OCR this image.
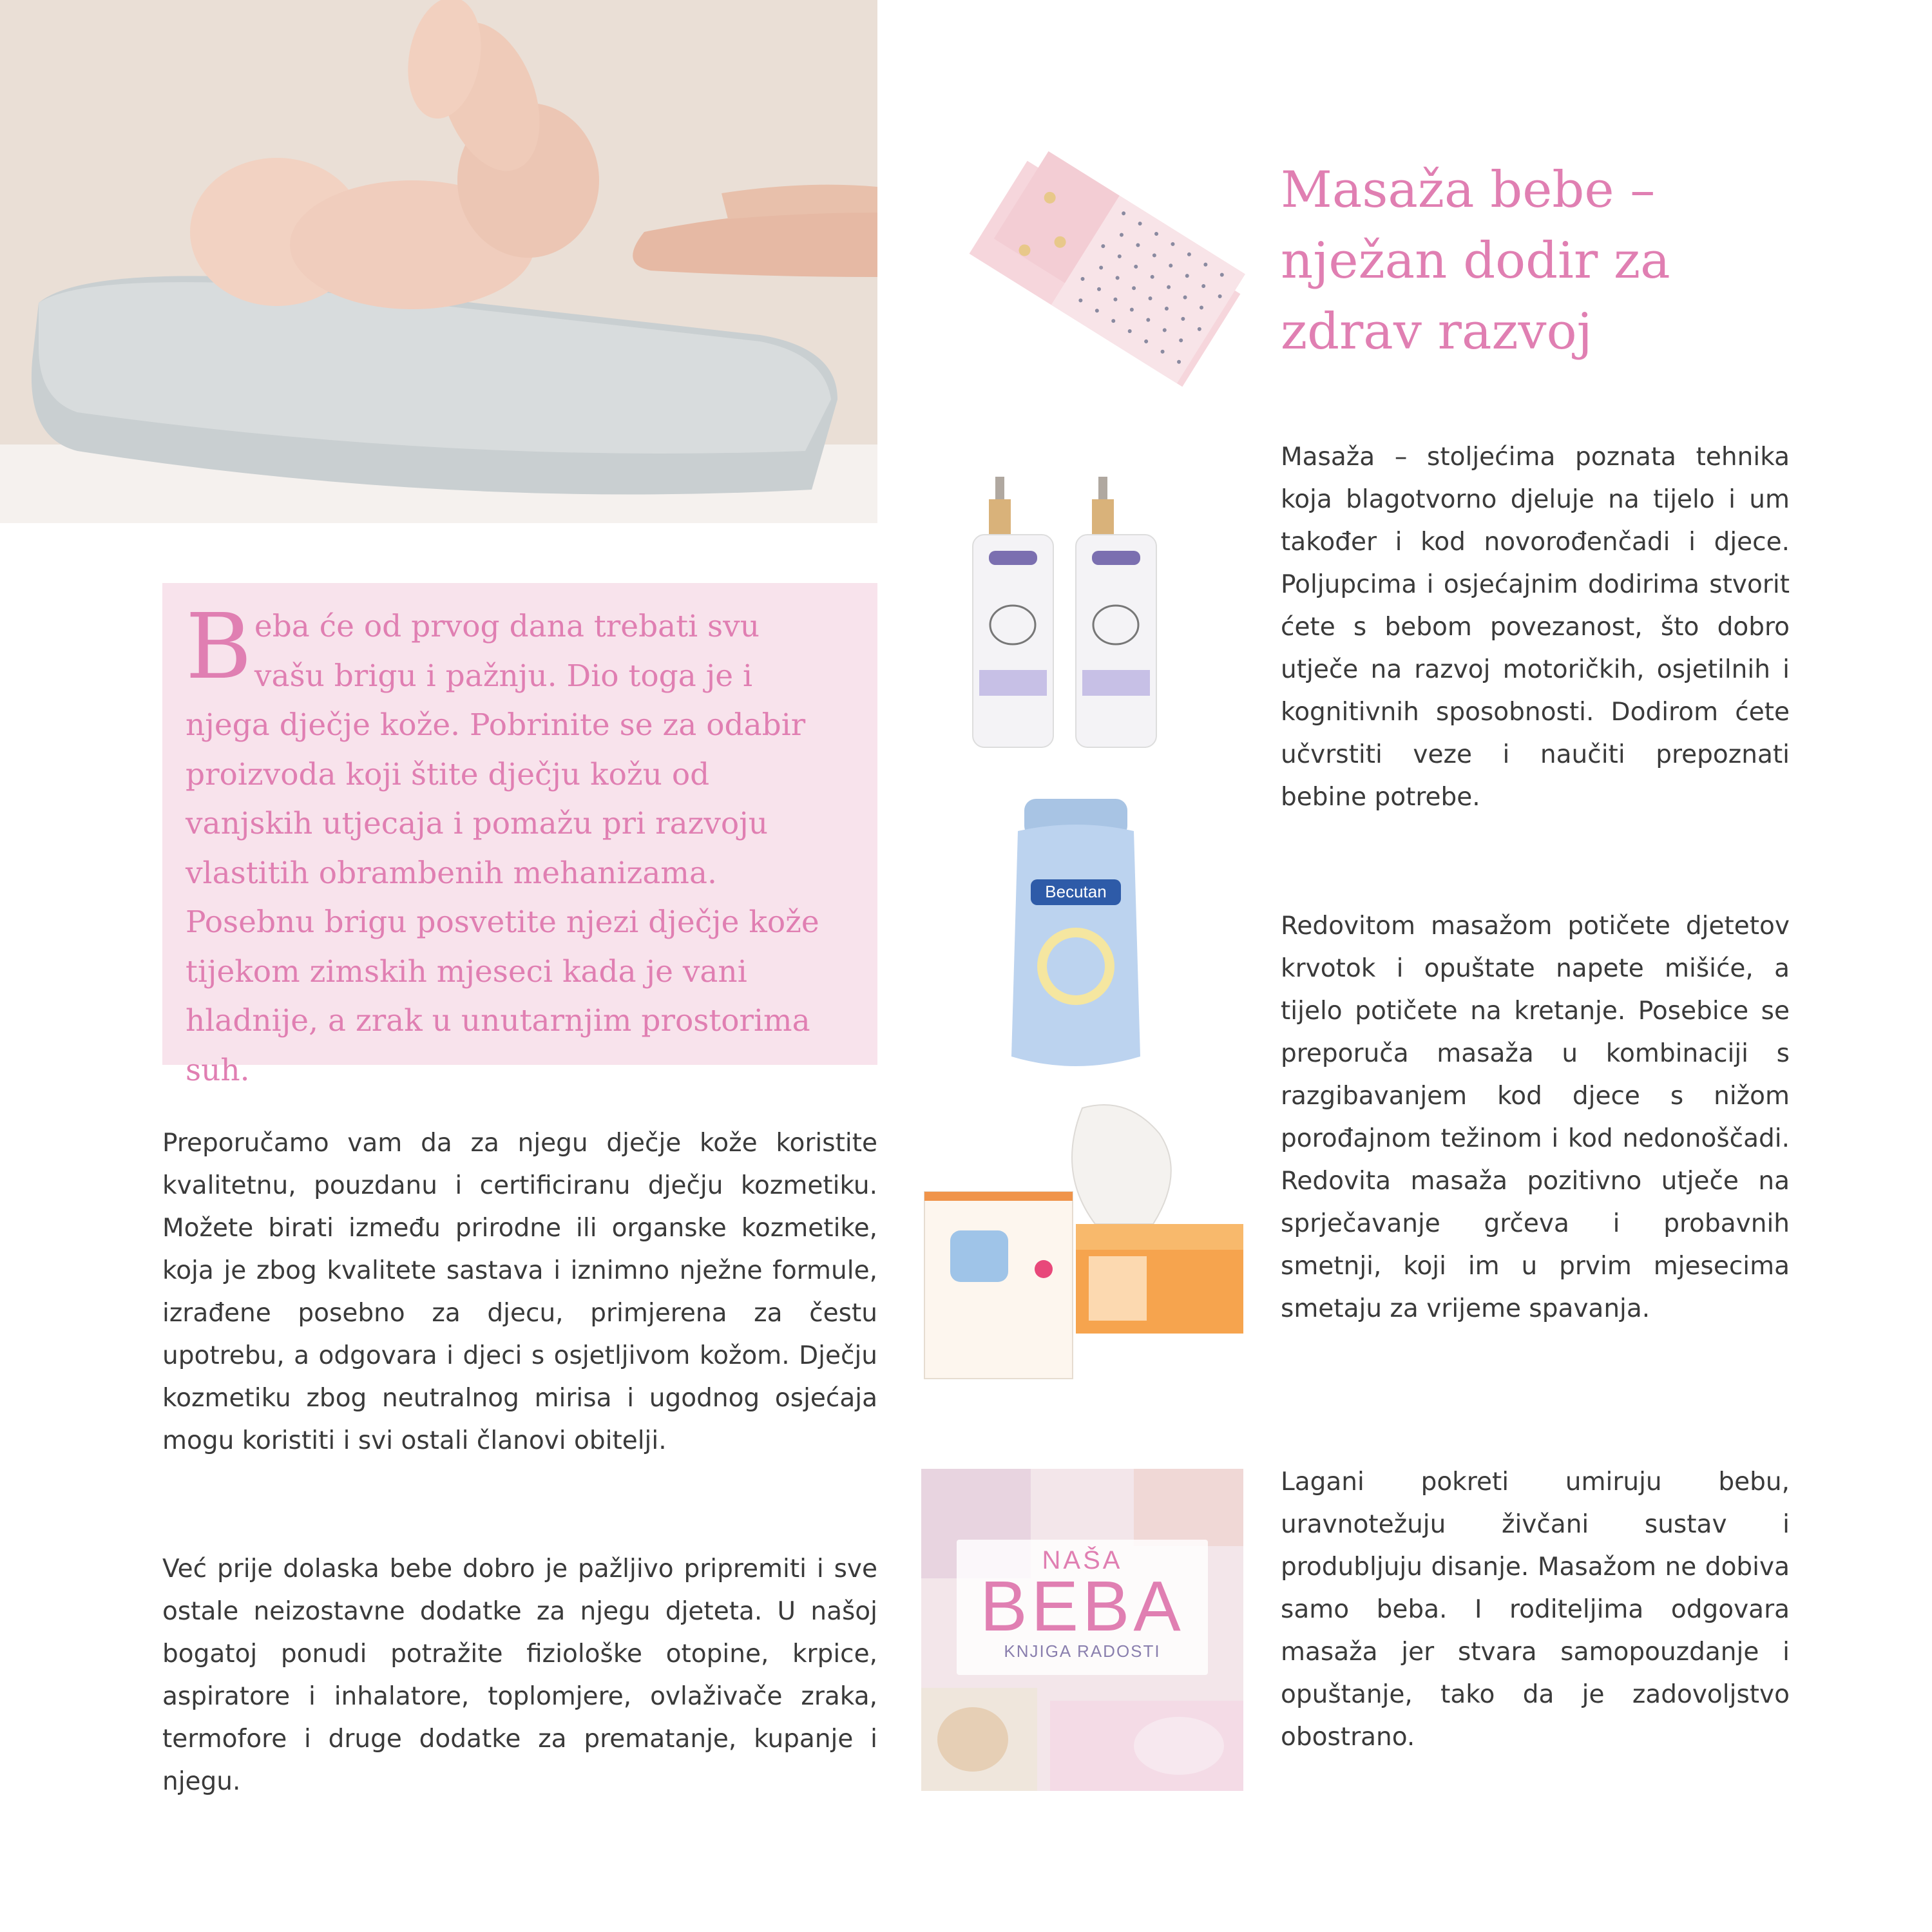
Beba će od prvog dana trebati svu vašu brigu i pažnju. Dio toga je i njega dječje kože. Pobrinite se za odabir proizvoda koji štite dječju kožu od vanjskih utjecaja i pomažu pri razvoju vlastitih obrambenih mehanizama. Posebnu brigu posvetite njezi dječje kože tijekom zimskih mjeseci kada je vani hladnije, a zrak u unutarnjim prostorima suh.

Preporučamo vam da za njegu dječje kože koristite kvalitetnu, pouzdanu i certificiranu dječju kozmetiku. Možete birati između prirodne ili organske kozmetike, koja je zbog kvalitete sastava i iznimno nježne formule, izrađene posebno za djecu, primjerena za čestu upotrebu, a odgovara i djeci s osjetljivom kožom. Dječju kozmetiku zbog neutralnog mirisa i ugodnog osjećaja mogu koristiti i svi ostali članovi obitelji.

Već prije dolaska bebe dobro je pažljivo pripremiti i sve ostale neizostavne dodatke za njegu djeteta. U našoj bogatoj ponudi potražite fiziološke otopine, krpice, aspiratore i inhalatore, toplomjere, ovlaživače zraka, termofore i druge dodatke za prematanje, kupanje i njegu.

Masaža bebe –
nježan dodir za
zdrav razvoj

Masaža – stoljećima poznata tehnika koja blagotvorno djeluje na tijelo i um također i kod novorođenčadi i djece. Poljupcima i osjećajnim dodirima stvorit ćete s bebom povezanost, što dobro utječe na razvoj motoričkih, osjetilnih i kognitivnih sposobnosti. Dodirom ćete učvrstiti veze i naučiti prepoznati bebine potrebe.

Redovitom masažom potičete djetetov krvotok i opuštate napete mišiće, a tijelo potičete na kretanje. Posebice se preporuča masaža u kombinaciji s razgibavanjem kod djece s nižom porođajnom težinom i kod nedonoščadi. Redovita masaža pozitivno utječe na sprječavanje grčeva i probavnih smetnji, koji im u prvim mjesecima smetaju za vrijeme spavanja.

Lagani pokreti umiruju bebu, uravnotežuju živčani sustav i produbljuju disanje. Masažom ne dobiva samo beba. I roditeljima odgovara masaža jer stvara samopouzdanje i opuštanje, tako da je zadovoljstvo obostrano.

Becutan
NAŠA
BEBA
KNJIGA RADOSTI
